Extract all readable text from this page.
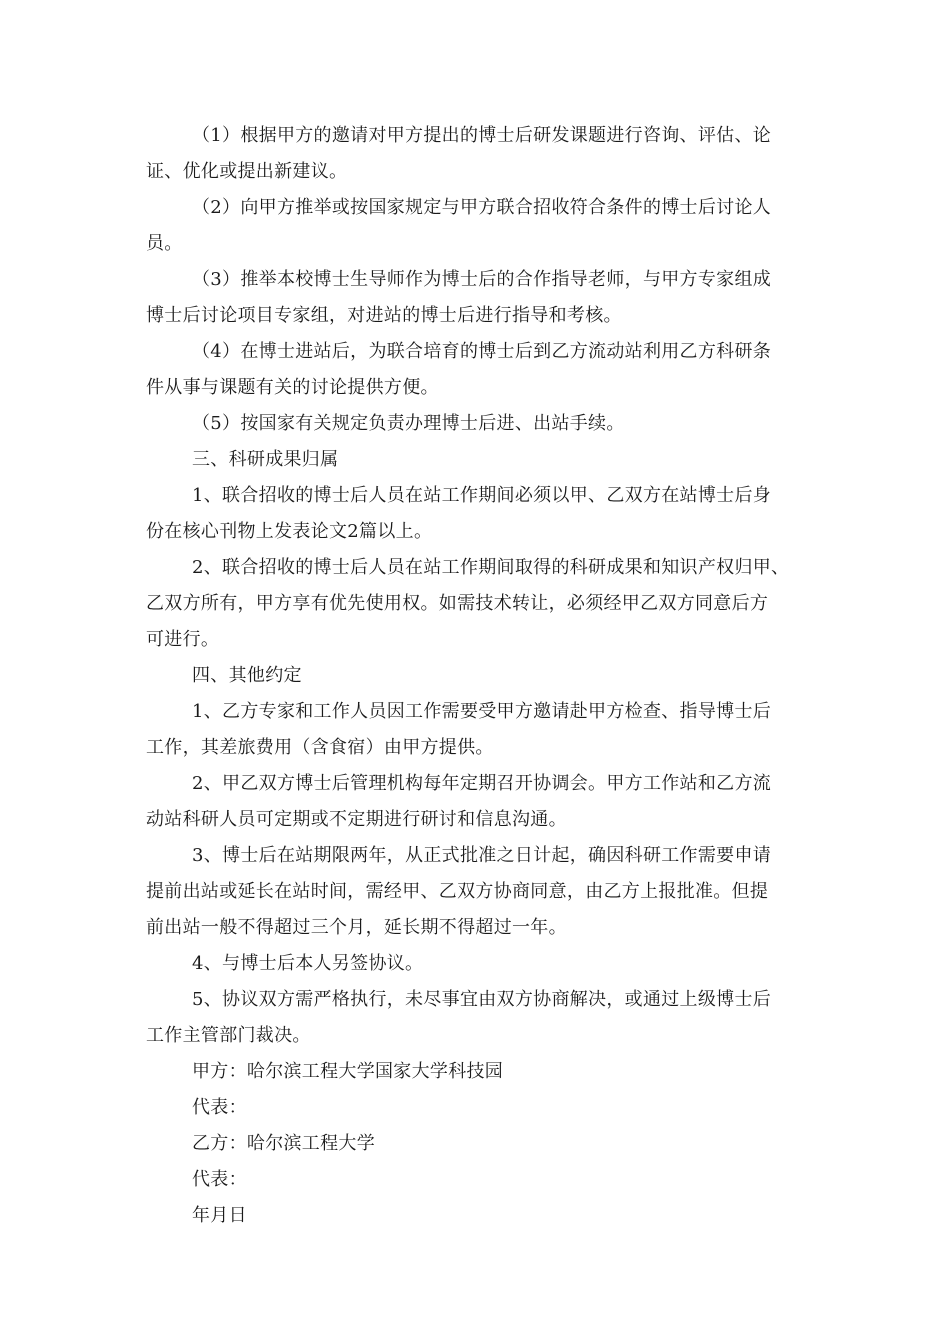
（1）根据甲方的邀请对甲方提出的博士后研发课题进行咨询、评估、论
证、优化或提出新建议。

（2）向甲方推举或按国家规定与甲方联合招收符合条件的博士后讨论人
员。

（3）推举本校博士生导师作为博士后的合作指导老师，与甲方专家组成
博士后讨论项目专家组，对进站的博士后进行指导和考核。

（4）在博士进站后，为联合培育的博士后到乙方流动站利用乙方科研条
件从事与课题有关的讨论提供方便。

（5）按国家有关规定负责办理博士后进、出站手续。

三、科研成果归属

1、联合招收的博士后人员在站工作期间必须以甲、乙双方在站博士后身
份在核心刊物上发表论文2篇以上。

2、联合招收的博士后人员在站工作期间取得的科研成果和知识产权归甲、
乙双方所有，甲方享有优先使用权。如需技术转让，必须经甲乙双方同意后方
可进行。

四、其他约定

1、乙方专家和工作人员因工作需要受甲方邀请赴甲方检查、指导博士后
工作，其差旅费用（含食宿）由甲方提供。

2、甲乙双方博士后管理机构每年定期召开协调会。甲方工作站和乙方流
动站科研人员可定期或不定期进行研讨和信息沟通。

3、博士后在站期限两年，从正式批准之日计起，确因科研工作需要申请
提前出站或延长在站时间，需经甲、乙双方协商同意，由乙方上报批准。但提
前出站一般不得超过三个月，延长期不得超过一年。

4、与博士后本人另签协议。

5、协议双方需严格执行，未尽事宜由双方协商解决，或通过上级博士后
工作主管部门裁决。

甲方：哈尔滨工程大学国家大学科技园

代表：

乙方：哈尔滨工程大学

代表：

年月日
